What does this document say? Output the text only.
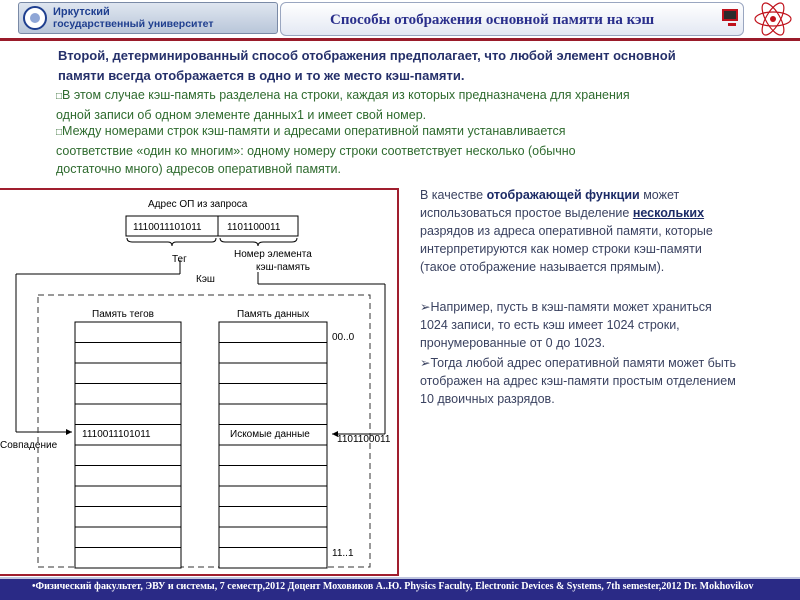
Иркутский
государственный университет	Способы отображения основной памяти на кэш
Второй, детерминированный способ отображения предполагает, что любой элемент основной
памяти всегда отображается в одно и то же место кэш-памяти.
□В этом случае кэш-память разделена на строки, каждая из которых предназначена для хранения
одной записи об одном элементе данных1 и имеет свой номер.
□Между номерами строк кэш-памяти и адресами оперативной памяти устанавливается
соответствие «один ко многим»: одному номеру строки соответствует несколько (обычно
достаточно много) адресов оперативной памяти.
Адрес ОП из запроса
1110011101011	1101100011
Тег	Номер элемента
кэш-память
Кэш
Память тегов	Память данных
00..0
11..1
1110011101011	Искомые данные	1101100011
Совпадение
В качестве отображающей функции может
использоваться простое выделение нескольких
разрядов из адреса оперативной памяти, которые
интерпретируются как номер строки кэш-памяти
(такое отображение называется прямым).
➢Например, пусть в кэш-памяти может храниться
1024 записи, то есть кэш имеет 1024 строки,
пронумерованные от 0 до 1023.
➢Тогда любой адрес оперативной памяти может быть
отображен на адрес кэш-памяти простым отделением
10 двоичных разрядов.
•Физический факультет, ЭВУ и системы, 7 семестр,2012 Доцент Моховиков А..Ю. Physics Faculty, Electronic Devices & Systems, 7th semester,2012 Dr. Mokhovikov
